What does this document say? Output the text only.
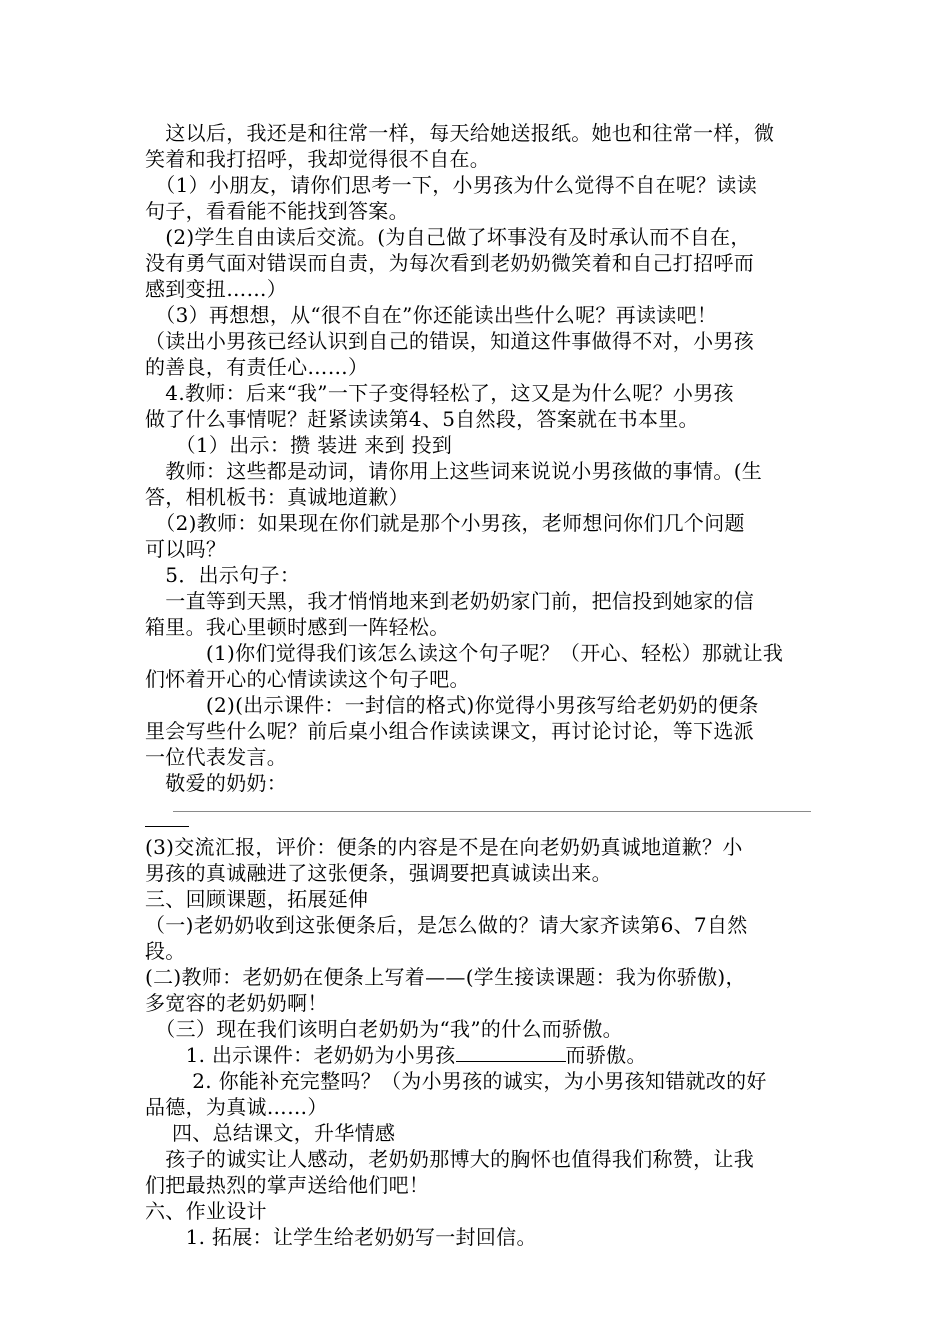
　这以后，我还是和往常一样，每天给她送报纸。她也和往常一样，微
笑着和我打招呼，我却觉得很不自在。
　（1）小朋友，请你们思考一下，小男孩为什么觉得不自在呢？读读
句子，看看能不能找到答案。
　(2)学生自由读后交流。(为自己做了坏事没有及时承认而不自在，
没有勇气面对错误而自责，为每次看到老奶奶微笑着和自己打招呼而
感到变扭……）
　（3）再想想，从“很不自在”你还能读出些什么呢？再读读吧！
（读出小男孩已经认识到自己的错误，知道这件事做得不对，小男孩
的善良，有责任心……）
　4.教师：后来“我”一下子变得轻松了，这又是为什么呢？小男孩
做了什么事情呢？赶紧读读第4、5自然段，答案就在书本里。
　　（1）出示：攒 装进 来到 投到
　教师：这些都是动词，请你用上这些词来说说小男孩做的事情。(生
答，相机板书：真诚地道歉）
　（2)教师：如果现在你们就是那个小男孩，老师想问你们几个问题
可以吗？
　5．出示句子：
　一直等到天黑，我才悄悄地来到老奶奶家门前，把信投到她家的信
箱里。我心里顿时感到一阵轻松。
　　　(1)你们觉得我们该怎么读这个句子呢？（开心、轻松）那就让我
们怀着开心的心情读读这个句子吧。
　　　(2)(出示课件：一封信的格式)你觉得小男孩写给老奶奶的便条
里会写些什么呢？前后桌小组合作读读课文，再讨论讨论，等下选派
一位代表发言。
　敬爱的奶奶：
(3)交流汇报，评价：便条的内容是不是在向老奶奶真诚地道歉？小
男孩的真诚融进了这张便条，强调要把真诚读出来。
三、回顾课题，拓展延伸
（一)老奶奶收到这张便条后，是怎么做的？请大家齐读第6、7自然
段。
(二)教师：老奶奶在便条上写着——(学生接读课题：我为你骄傲)，
多宽容的老奶奶啊！
　（三）现在我们该明白老奶奶为“我”的什么而骄傲。
　　1. 出示课件：老奶奶为小男孩	而骄傲。
　　 2. 你能补充完整吗？（为小男孩的诚实，为小男孩知错就改的好
品德，为真诚……）
　 四、总结课文，升华情感
　孩子的诚实让人感动，老奶奶那博大的胸怀也值得我们称赞，让我
们把最热烈的掌声送给他们吧！
六、作业设计
　　1. 拓展：让学生给老奶奶写一封回信。
